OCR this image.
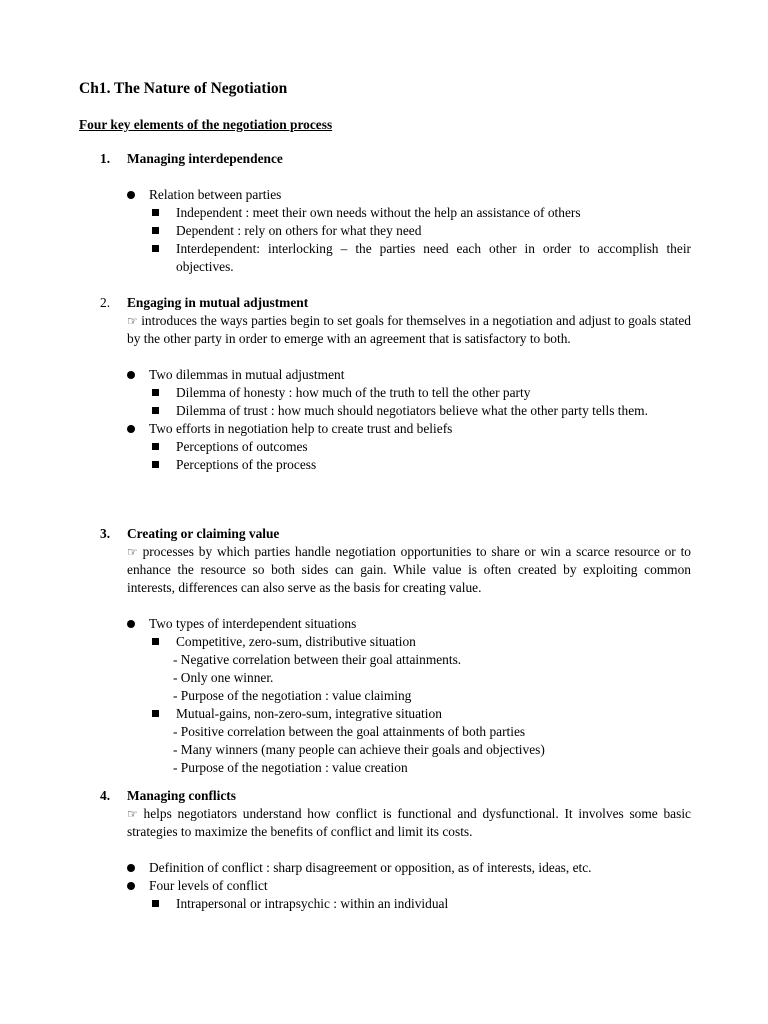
Ch1. The Nature of Negotiation

Four key elements of the negotiation process

1. Managing interdependence
Relation between parties
Independent : meet their own needs without the help an assistance of others
Dependent : rely on others for what they need
Interdependent: interlocking – the parties need each other in order to accomplish their objectives.
2. Engaging in mutual adjustment
☞ introduces the ways parties begin to set goals for themselves in a negotiation and adjust to goals stated by the other party in order to emerge with an agreement that is satisfactory to both.
Two dilemmas in mutual adjustment
Dilemma of honesty : how much of the truth to tell the other party
Dilemma of trust : how much should negotiators believe what the other party tells them.
Two efforts in negotiation help to create trust and beliefs
Perceptions of outcomes
Perceptions of the process
3. Creating or claiming value
☞ processes by which parties handle negotiation opportunities to share or win a scarce resource or to enhance the resource so both sides can gain. While value is often created by exploiting common interests, differences can also serve as the basis for creating value.
Two types of interdependent situations
Competitive, zero-sum, distributive situation
- Negative correlation between their goal attainments.
- Only one winner.
- Purpose of the negotiation : value claiming
Mutual-gains, non-zero-sum, integrative situation
- Positive correlation between the goal attainments of both parties
- Many winners (many people can achieve their goals and objectives)
- Purpose of the negotiation : value creation
4. Managing conflicts
☞ helps negotiators understand how conflict is functional and dysfunctional. It involves some basic strategies to maximize the benefits of conflict and limit its costs.
Definition of conflict : sharp disagreement or opposition, as of interests, ideas, etc.
Four levels of conflict
Intrapersonal or intrapsychic : within an individual
